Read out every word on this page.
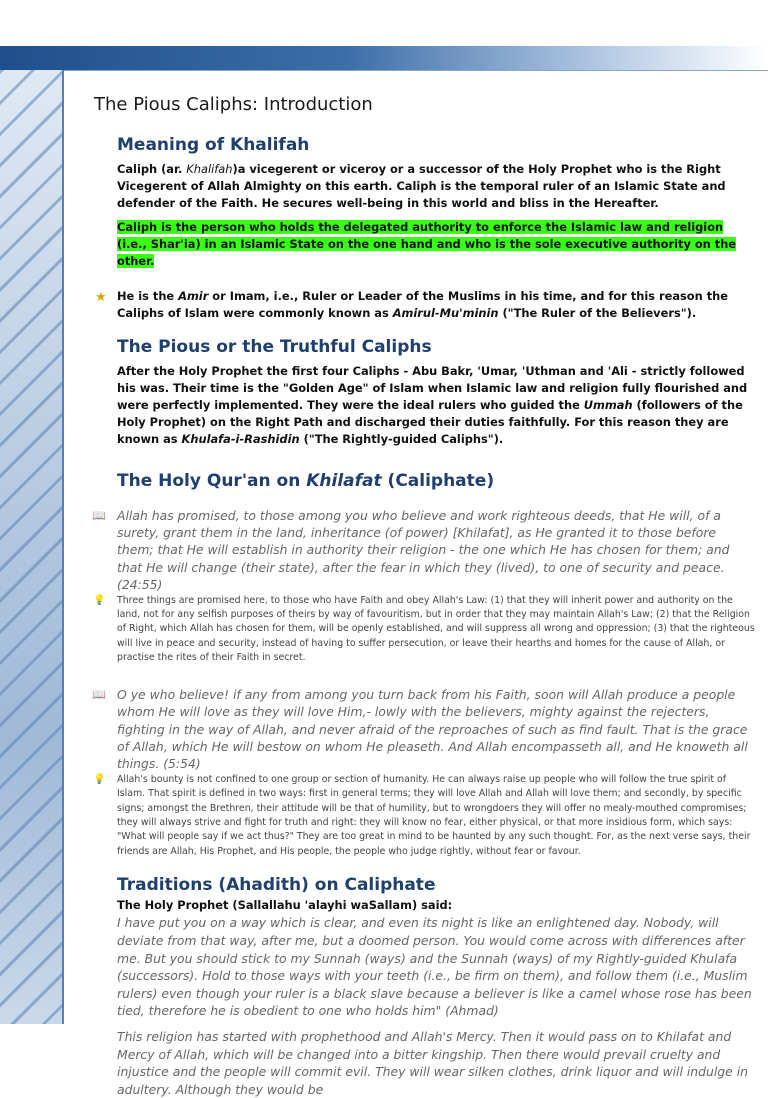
The Pious Caliphs: Introduction
Meaning of Khalifah
Caliph (ar. Khalifah)a vicegerent or viceroy or a successor of the Holy Prophet who is the Right Vicegerent of Allah Almighty on this earth. Caliph is the temporal ruler of an Islamic State and defender of the Faith. He secures well-being in this world and bliss in the Hereafter.
Caliph is the person who holds the delegated authority to enforce the Islamic law and religion (i.e., Shar'ia) in an Islamic State on the one hand and who is the sole executive authority on the other.
★ He is the Amir or Imam, i.e., Ruler or Leader of the Muslims in his time, and for this reason the Caliphs of Islam were commonly known as Amirul-Mu'minin ("The Ruler of the Believers").
The Pious or the Truthful Caliphs
After the Holy Prophet the first four Caliphs - Abu Bakr, 'Umar, 'Uthman and 'Ali - strictly followed his was. Their time is the "Golden Age" of Islam when Islamic law and religion fully flourished and were perfectly implemented. They were the ideal rulers who guided the Ummah (followers of the Holy Prophet) on the Right Path and discharged their duties faithfully. For this reason they are known as Khulafa-i-Rashidin ("The Rightly-guided Caliphs").
The Holy Qur'an on Khilafat (Caliphate)
📖 Allah has promised, to those among you who believe and work righteous deeds, that He will, of a surety, grant them in the land, inheritance (of power) [Khilafat], as He granted it to those before them; that He will establish in authority their religion - the one which He has chosen for them; and that He will change (their state), after the fear in which they (lived), to one of security and peace. (24:55)
💡 Three things are promised here, to those who have Faith and obey Allah's Law: (1) that they will inherit power and authority on the land, not for any selfish purposes of theirs by way of favouritism, but in order that they may maintain Allah's Law; (2) that the Religion of Right, which Allah has chosen for them, will be openly established, and will suppress all wrong and oppression; (3) that the righteous will live in peace and security, instead of having to suffer persecution, or leave their hearths and homes for the cause of Allah, or practise the rites of their Faith in secret.
📖 O ye who believe! if any from among you turn back from his Faith, soon will Allah produce a people whom He will love as they will love Him,- lowly with the believers, mighty against the rejecters, fighting in the way of Allah, and never afraid of the reproaches of such as find fault. That is the grace of Allah, which He will bestow on whom He pleaseth. And Allah encompasseth all, and He knoweth all things. (5:54)
💡 Allah's bounty is not confined to one group or section of humanity. He can always raise up people who will follow the true spirit of Islam. That spirit is defined in two ways: first in general terms; they will love Allah and Allah will love them; and secondly, by specific signs; amongst the Brethren, their attitude will be that of humility, but to wrongdoers they will offer no mealy-mouthed compromises; they will always strive and fight for truth and right: they will know no fear, either physical, or that more insidious form, which says: "What will people say if we act thus?" They are too great in mind to be haunted by any such thought. For, as the next verse says, their friends are Allah, His Prophet, and His people, the people who judge rightly, without fear or favour.
Traditions (Ahadith) on Caliphate
The Holy Prophet (Sallallahu 'alayhi waSallam) said:
I have put you on a way which is clear, and even its night is like an enlightened day. Nobody, will deviate from that way, after me, but a doomed person. You would come across with differences after me. But you should stick to my Sunnah (ways) and the Sunnah (ways) of my Rightly-guided Khulafa (successors). Hold to those ways with your teeth (i.e., be firm on them), and follow them (i.e., Muslim rulers) even though your ruler is a black slave because a believer is like a camel whose rose has been tied, therefore he is obedient to one who holds him" (Ahmad)
This religion has started with prophethood and Allah's Mercy. Then it would pass on to Khilafat and Mercy of Allah, which will be changed into a bitter kingship. Then there would prevail cruelty and injustice and the people will commit evil. They will wear silken clothes, drink liquor and will indulge in adultery. Although they would be
